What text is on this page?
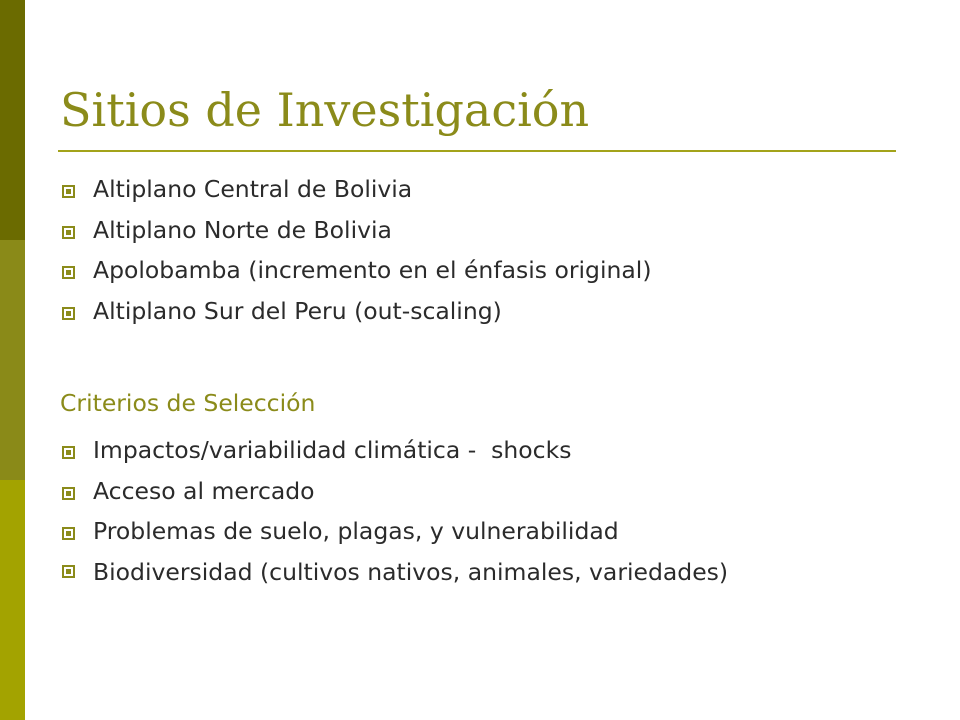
Sitios de Investigación
Altiplano Central de Bolivia
Altiplano Norte de Bolivia
Apolobamba (incremento en el énfasis original)
Altiplano Sur del Peru (out-scaling)
Criterios de Selección
Impactos/variabilidad climática -  shocks
Acceso al mercado
Problemas de suelo, plagas, y vulnerabilidad
Biodiversidad (cultivos nativos, animales, variedades)
